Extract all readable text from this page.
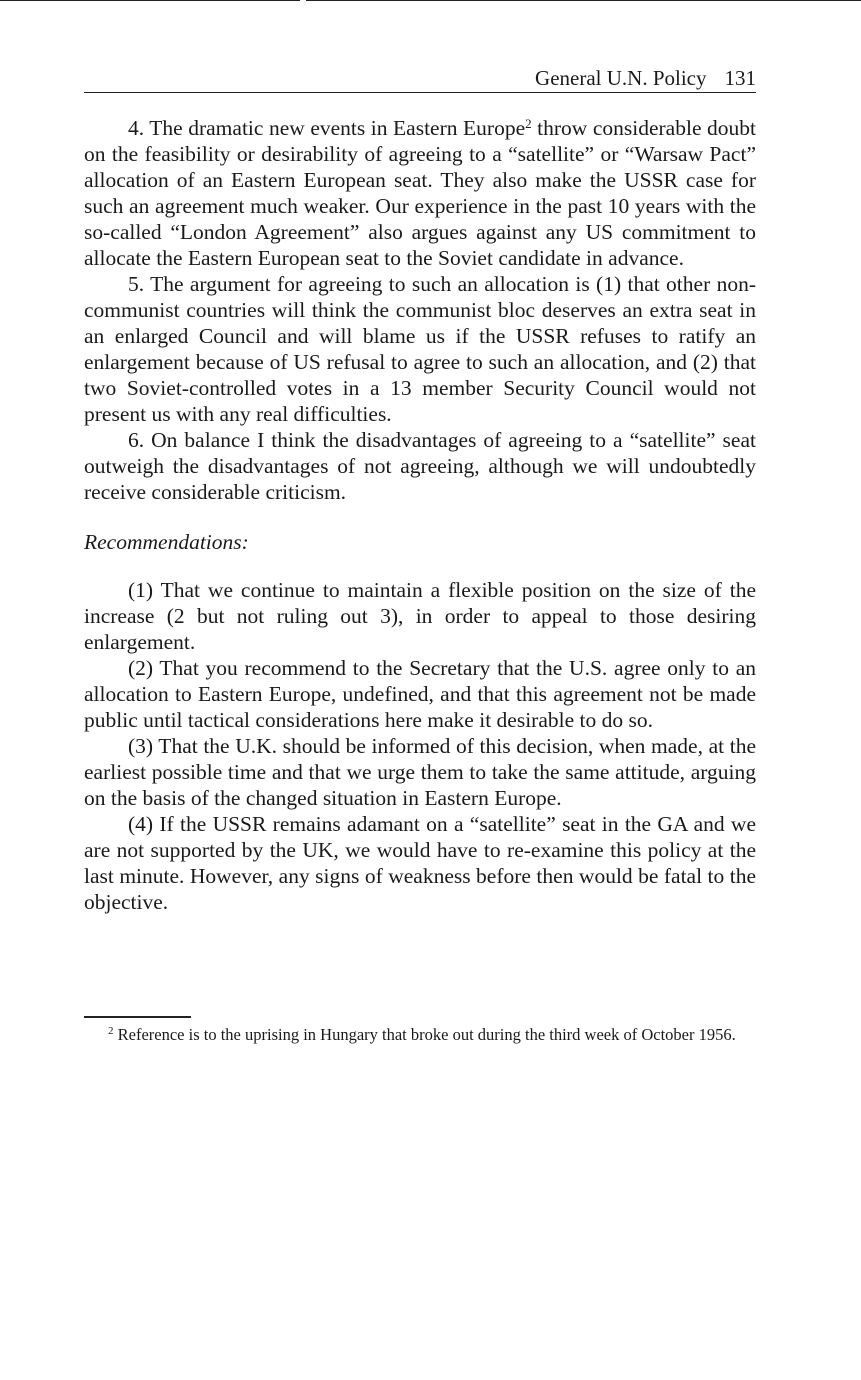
General U.N. Policy 131

4. The dramatic new events in Eastern Europe$^2$ throw considerable doubt on the feasibility or desirability of agreeing to a “satellite” or “Warsaw Pact” allocation of an Eastern European seat. They also make the USSR case for such an agreement much weaker. Our experience in the past 10 years with the so-called “London Agreement” also argues against any US commitment to allocate the Eastern European seat to the Soviet candidate in advance.

5. The argument for agreeing to such an allocation is (1) that other non-communist countries will think the communist bloc deserves an extra seat in an enlarged Council and will blame us if the USSR refuses to ratify an enlargement because of US refusal to agree to such an allocation, and (2) that two Soviet-controlled votes in a 13 member Security Council would not present us with any real difficulties.

6. On balance I think the disadvantages of agreeing to a “satellite” seat outweigh the disadvantages of not agreeing, although we will undoubtedly receive considerable criticism.

Recommendations:

(1) That we continue to maintain a flexible position on the size of the increase (2 but not ruling out 3), in order to appeal to those desiring enlargement.

(2) That you recommend to the Secretary that the U.S. agree only to an allocation to Eastern Europe, undefined, and that this agreement not be made public until tactical considerations here make it desirable to do so.

(3) That the U.K. should be informed of this decision, when made, at the earliest possible time and that we urge them to take the same attitude, arguing on the basis of the changed situation in Eastern Europe.

(4) If the USSR remains adamant on a “satellite” seat in the GA and we are not supported by the UK, we would have to re-examine this policy at the last minute. However, any signs of weakness before then would be fatal to the objective.

$^2$ Reference is to the uprising in Hungary that broke out during the third week of October 1956.
